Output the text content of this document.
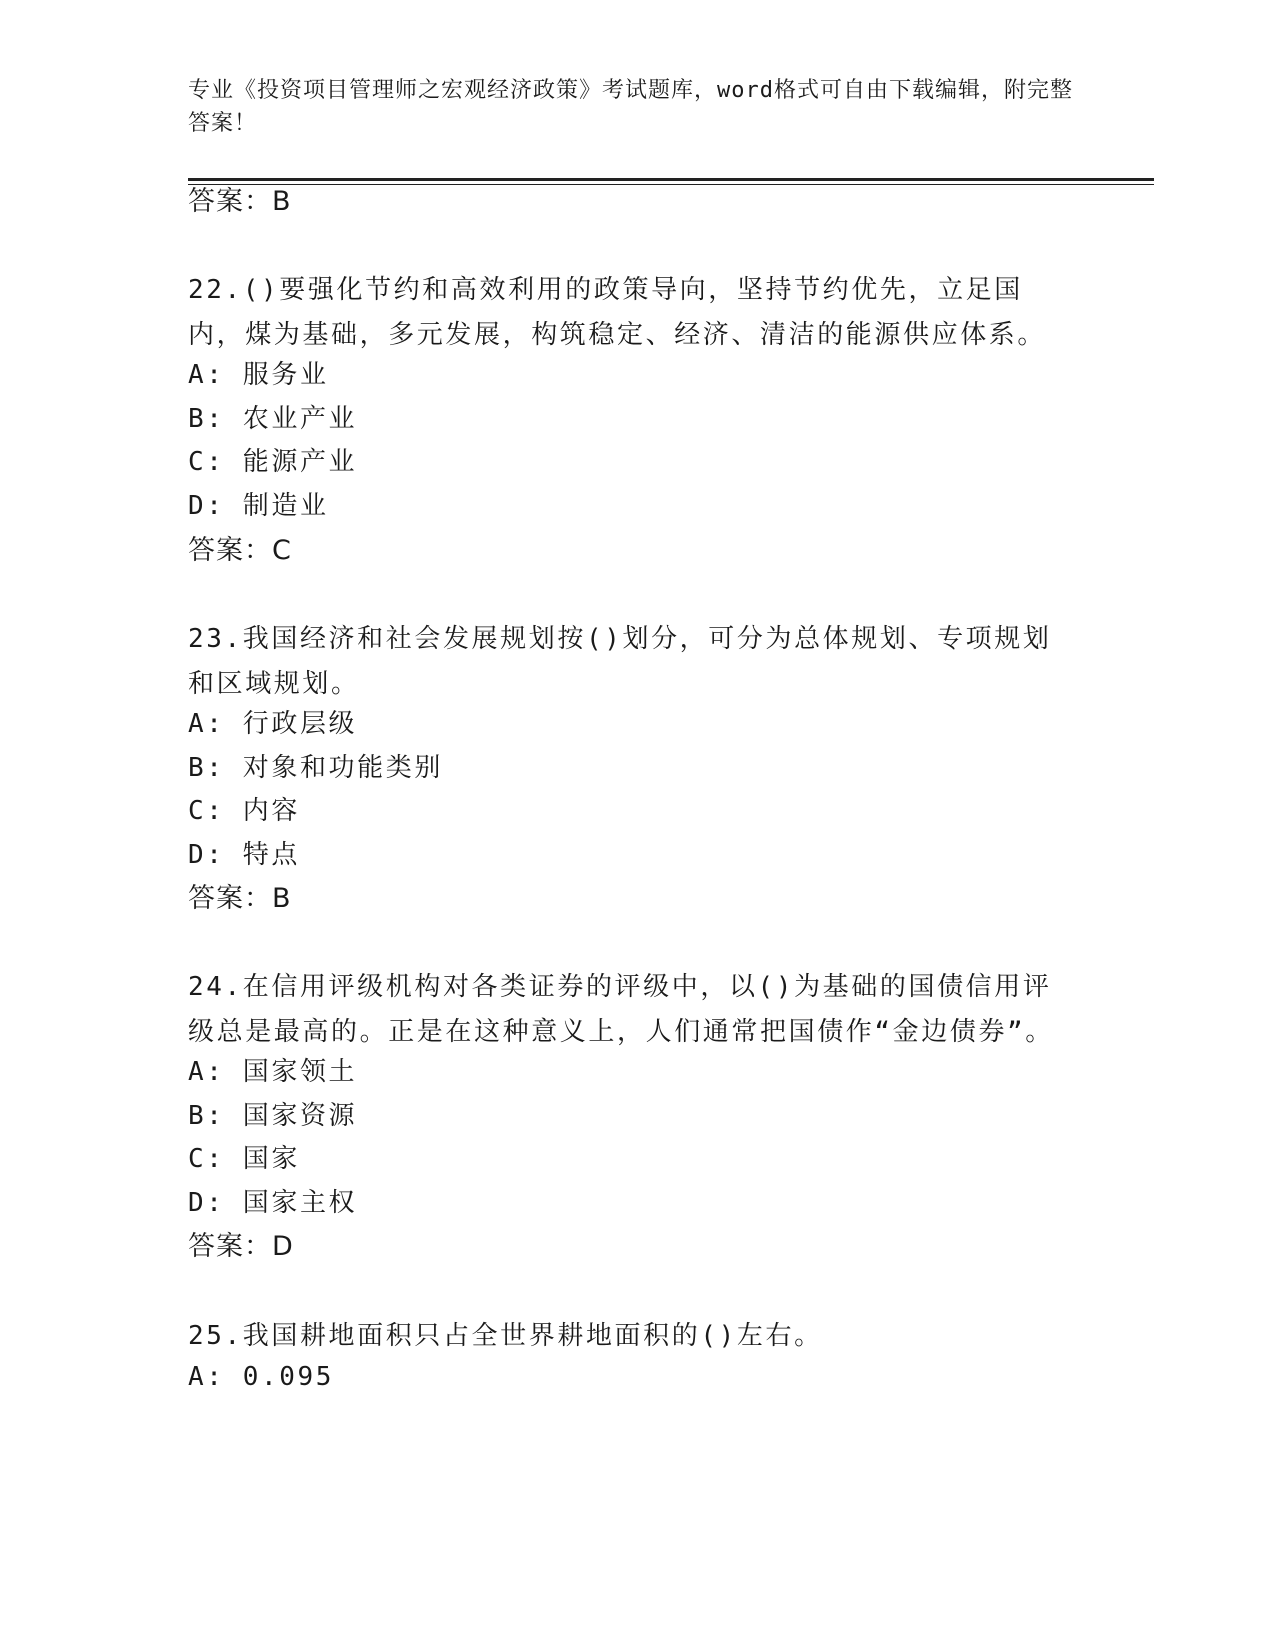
专业《投资项目管理师之宏观经济政策》考试题库，word格式可自由下载编辑，附完整答案！
答案：B
22.()要强化节约和高效利用的政策导向，坚持节约优先，立足国内，煤为基础，多元发展，构筑稳定、经济、清洁的能源供应体系。
A: 服务业
B: 农业产业
C: 能源产业
D: 制造业
答案：C
23.我国经济和社会发展规划按()划分，可分为总体规划、专项规划和区域规划。
A: 行政层级
B: 对象和功能类别
C: 内容
D: 特点
答案：B
24.在信用评级机构对各类证券的评级中，以()为基础的国债信用评级总是最高的。正是在这种意义上，人们通常把国债作“金边债券”。
A: 国家领土
B: 国家资源
C: 国家
D: 国家主权
答案：D
25.我国耕地面积只占全世界耕地面积的()左右。
A: 0.095
